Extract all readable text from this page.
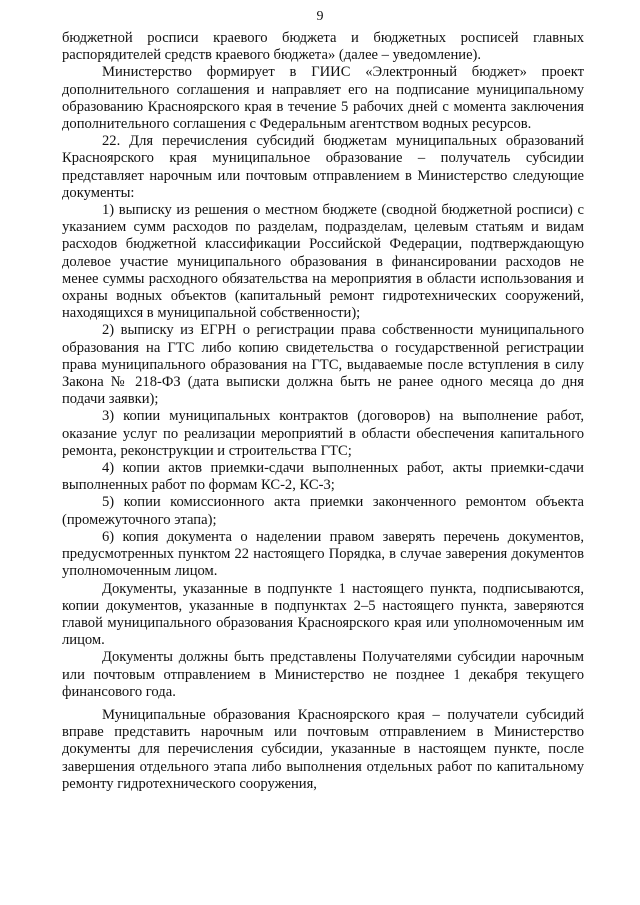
9

бюджетной росписи краевого бюджета и бюджетных росписей главных распорядителей средств краевого бюджета» (далее – уведомление).

Министерство формирует в ГИИС «Электронный бюджет» проект дополнительного соглашения и направляет его на подписание муниципальному образованию Красноярского края в течение 5 рабочих дней с момента заключения дополнительного соглашения с Федеральным агентством водных ресурсов.

22. Для перечисления субсидий бюджетам муниципальных образований Красноярского края муниципальное образование – получатель субсидии представляет нарочным или почтовым отправлением в Министерство следующие документы:

1) выписку из решения о местном бюджете (сводной бюджетной росписи) с указанием сумм расходов по разделам, подразделам, целевым статьям и видам расходов бюджетной классификации Российской Федерации, подтверждающую долевое участие муниципального образования в финансировании расходов не менее суммы расходного обязательства на мероприятия в области использования и охраны водных объектов (капитальный ремонт гидротехнических сооружений, находящихся в муниципальной собственности);

2) выписку из ЕГРН о регистрации права собственности муниципального образования на ГТС либо копию свидетельства о государственной регистрации права муниципального образования на ГТС, выдаваемые после вступления в силу Закона № 218-ФЗ (дата выписки должна быть не ранее одного месяца до дня подачи заявки);

3) копии муниципальных контрактов (договоров) на выполнение работ, оказание услуг по реализации мероприятий в области обеспечения капитального ремонта, реконструкции и строительства ГТС;

4) копии актов приемки-сдачи выполненных работ, акты приемки-сдачи выполненных работ по формам КС-2, КС-3;

5) копии комиссионного акта приемки законченного ремонтом объекта (промежуточного этапа);

6) копия документа о наделении правом заверять перечень документов, предусмотренных пунктом 22 настоящего Порядка, в случае заверения документов уполномоченным лицом.

Документы, указанные в подпункте 1 настоящего пункта, подписываются, копии документов, указанные в подпунктах 2–5 настоящего пункта, заверяются главой муниципального образования Красноярского края или уполномоченным им лицом.

Документы должны быть представлены Получателями субсидии нарочным или почтовым отправлением в Министерство не позднее 1 декабря текущего финансового года.

Муниципальные образования Красноярского края – получатели субсидий вправе представить нарочным или почтовым отправлением в Министерство документы для перечисления субсидии, указанные в настоящем пункте, после завершения отдельного этапа либо выполнения отдельных работ по капитальному ремонту гидротехнического сооружения,
